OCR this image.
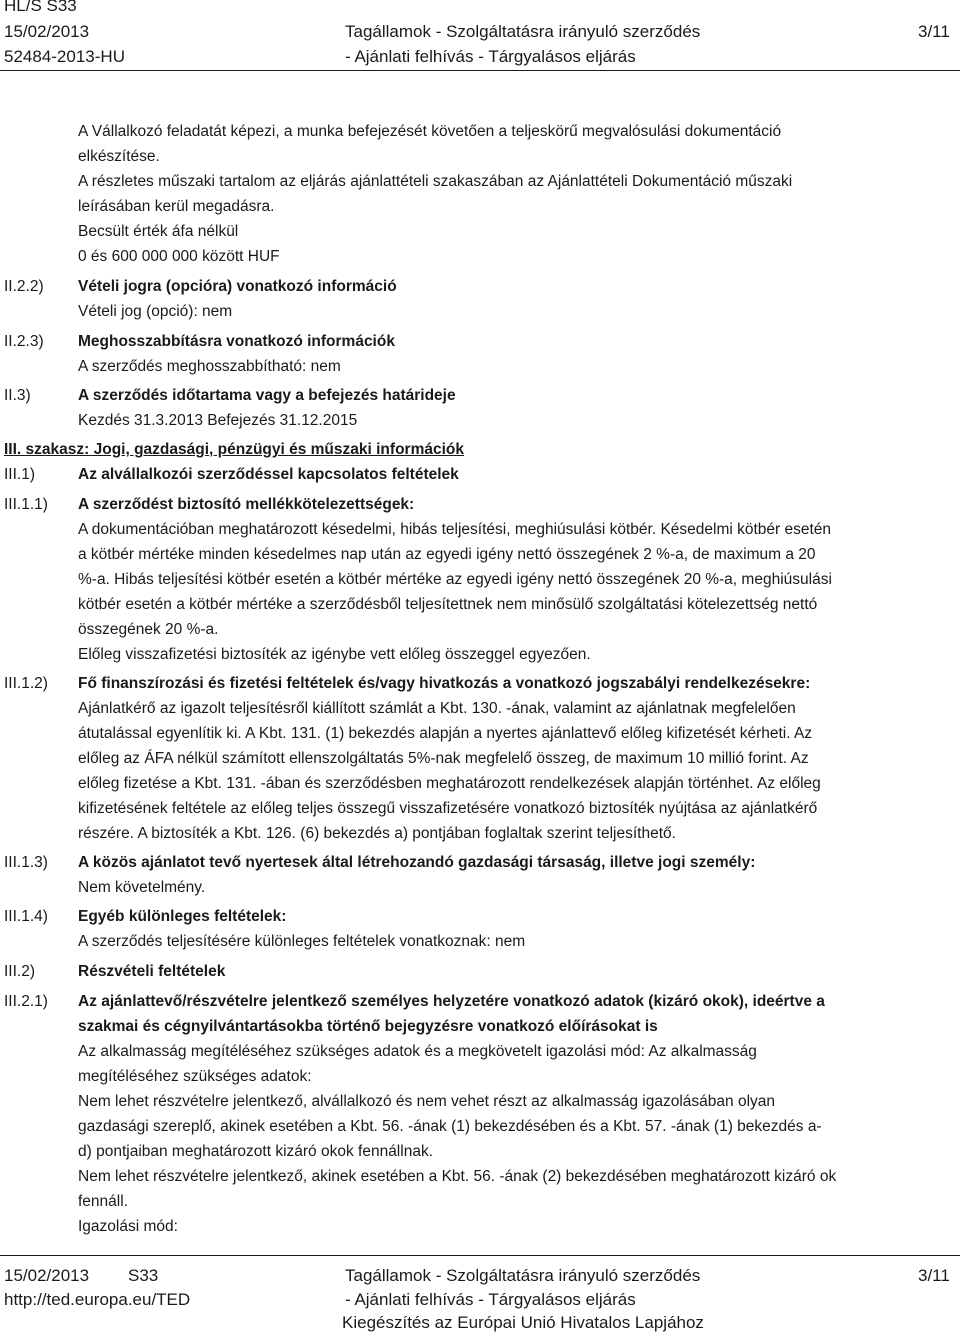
HL/S S33
15/02/2013
52484-2013-HU
Tagállamok - Szolgáltatásra irányuló szerződés
- Ajánlati felhívás - Tárgyalásos eljárás
3/11
A Vállalkozó feladatát képezi, a munka befejezését követően a teljeskörű megvalósulási dokumentáció
elkészítése.
A részletes műszaki tartalom az eljárás ajánlattételi szakaszában az Ajánlattételi Dokumentáció műszaki
leírásában kerül megadásra.
Becsült érték áfa nélkül
0 és 600 000 000 között HUF
II.2.2) Vételi jogra (opcióra) vonatkozó információ
Vételi jog (opció): nem
II.2.3) Meghosszabbításra vonatkozó információk
A szerződés meghosszabbítható: nem
II.3)	A szerződés időtartama vagy a befejezés határideje
Kezdés 31.3.2013 Befejezés 31.12.2015
III. szakasz: Jogi, gazdasági, pénzügyi és műszaki információk
III.1)	Az alvállalkozói szerződéssel kapcsolatos feltételek
III.1.1) A szerződést biztosító mellékkötelezettségek:
A dokumentációban meghatározott késedelmi, hibás teljesítési, meghiúsulási kötbér. Késedelmi kötbér esetén
a kötbér mértéke minden késedelmes nap után az egyedi igény nettó összegének 2 %-a, de maximum a 20
%-a. Hibás teljesítési kötbér esetén a kötbér mértéke az egyedi igény nettó összegének 20 %-a, meghiúsulási
kötbér esetén a kötbér mértéke a szerződésből teljesítettnek nem minősülő szolgáltatási kötelezettség nettó
összegének 20 %-a.
Előleg visszafizetési biztosíték az igénybe vett előleg összeggel egyezően.
III.1.2) Fő finanszírozási és fizetési feltételek és/vagy hivatkozás a vonatkozó jogszabályi rendelkezésekre:
Ajánlatkérő az igazolt teljesítésről kiállított számlát a Kbt. 130. -ának, valamint az ajánlatnak megfelelően
átutalással egyenlítik ki. A Kbt. 131. (1) bekezdés alapján a nyertes ajánlattevő előleg kifizetését kérheti. Az
előleg az ÁFA nélkül számított ellenszolgáltatás 5%-nak megfelelő összeg, de maximum 10 millió forint. Az
előleg fizetése a Kbt. 131. -ában és szerződésben meghatározott rendelkezések alapján történhet. Az előleg
kifizetésének feltétele az előleg teljes összegű visszafizetésére vonatkozó biztosíték nyújtása az ajánlatkérő
részére. A biztosíték a Kbt. 126. (6) bekezdés a) pontjában foglaltak szerint teljesíthető.
III.1.3) A közös ajánlatot tevő nyertesek által létrehozandó gazdasági társaság, illetve jogi személy:
Nem követelmény.
III.1.4) Egyéb különleges feltételek:
A szerződés teljesítésére különleges feltételek vonatkoznak: nem
III.2)	Részvételi feltételek
III.2.1) Az ajánlattevő/részvételre jelentkező személyes helyzetére vonatkozó adatok (kizáró okok), ideértve a
szakmai és cégnyilvántartásokba történő bejegyzésre vonatkozó előírásokat is
Az alkalmasság megítéléséhez szükséges adatok és a megkövetelt igazolási mód: Az alkalmasság
megítéléséhez szükséges adatok:
Nem lehet részvételre jelentkező, alvállalkozó és nem vehet részt az alkalmasság igazolásában olyan
gazdasági szereplő, akinek esetében a Kbt. 56. -ának (1) bekezdésében és a Kbt. 57. -ának (1) bekezdés a-
d) pontjaiban meghatározott kizáró okok fennállnak.
Nem lehet részvételre jelentkező, akinek esetében a Kbt. 56. -ának (2) bekezdésében meghatározott kizáró ok
fennáll.
Igazolási mód:
15/02/2013 S33
http://ted.europa.eu/TED
Tagállamok - Szolgáltatásra irányuló szerződés
- Ajánlati felhívás - Tárgyalásos eljárás
Kiegészítés az Európai Unió Hivatalos Lapjához
3/11
